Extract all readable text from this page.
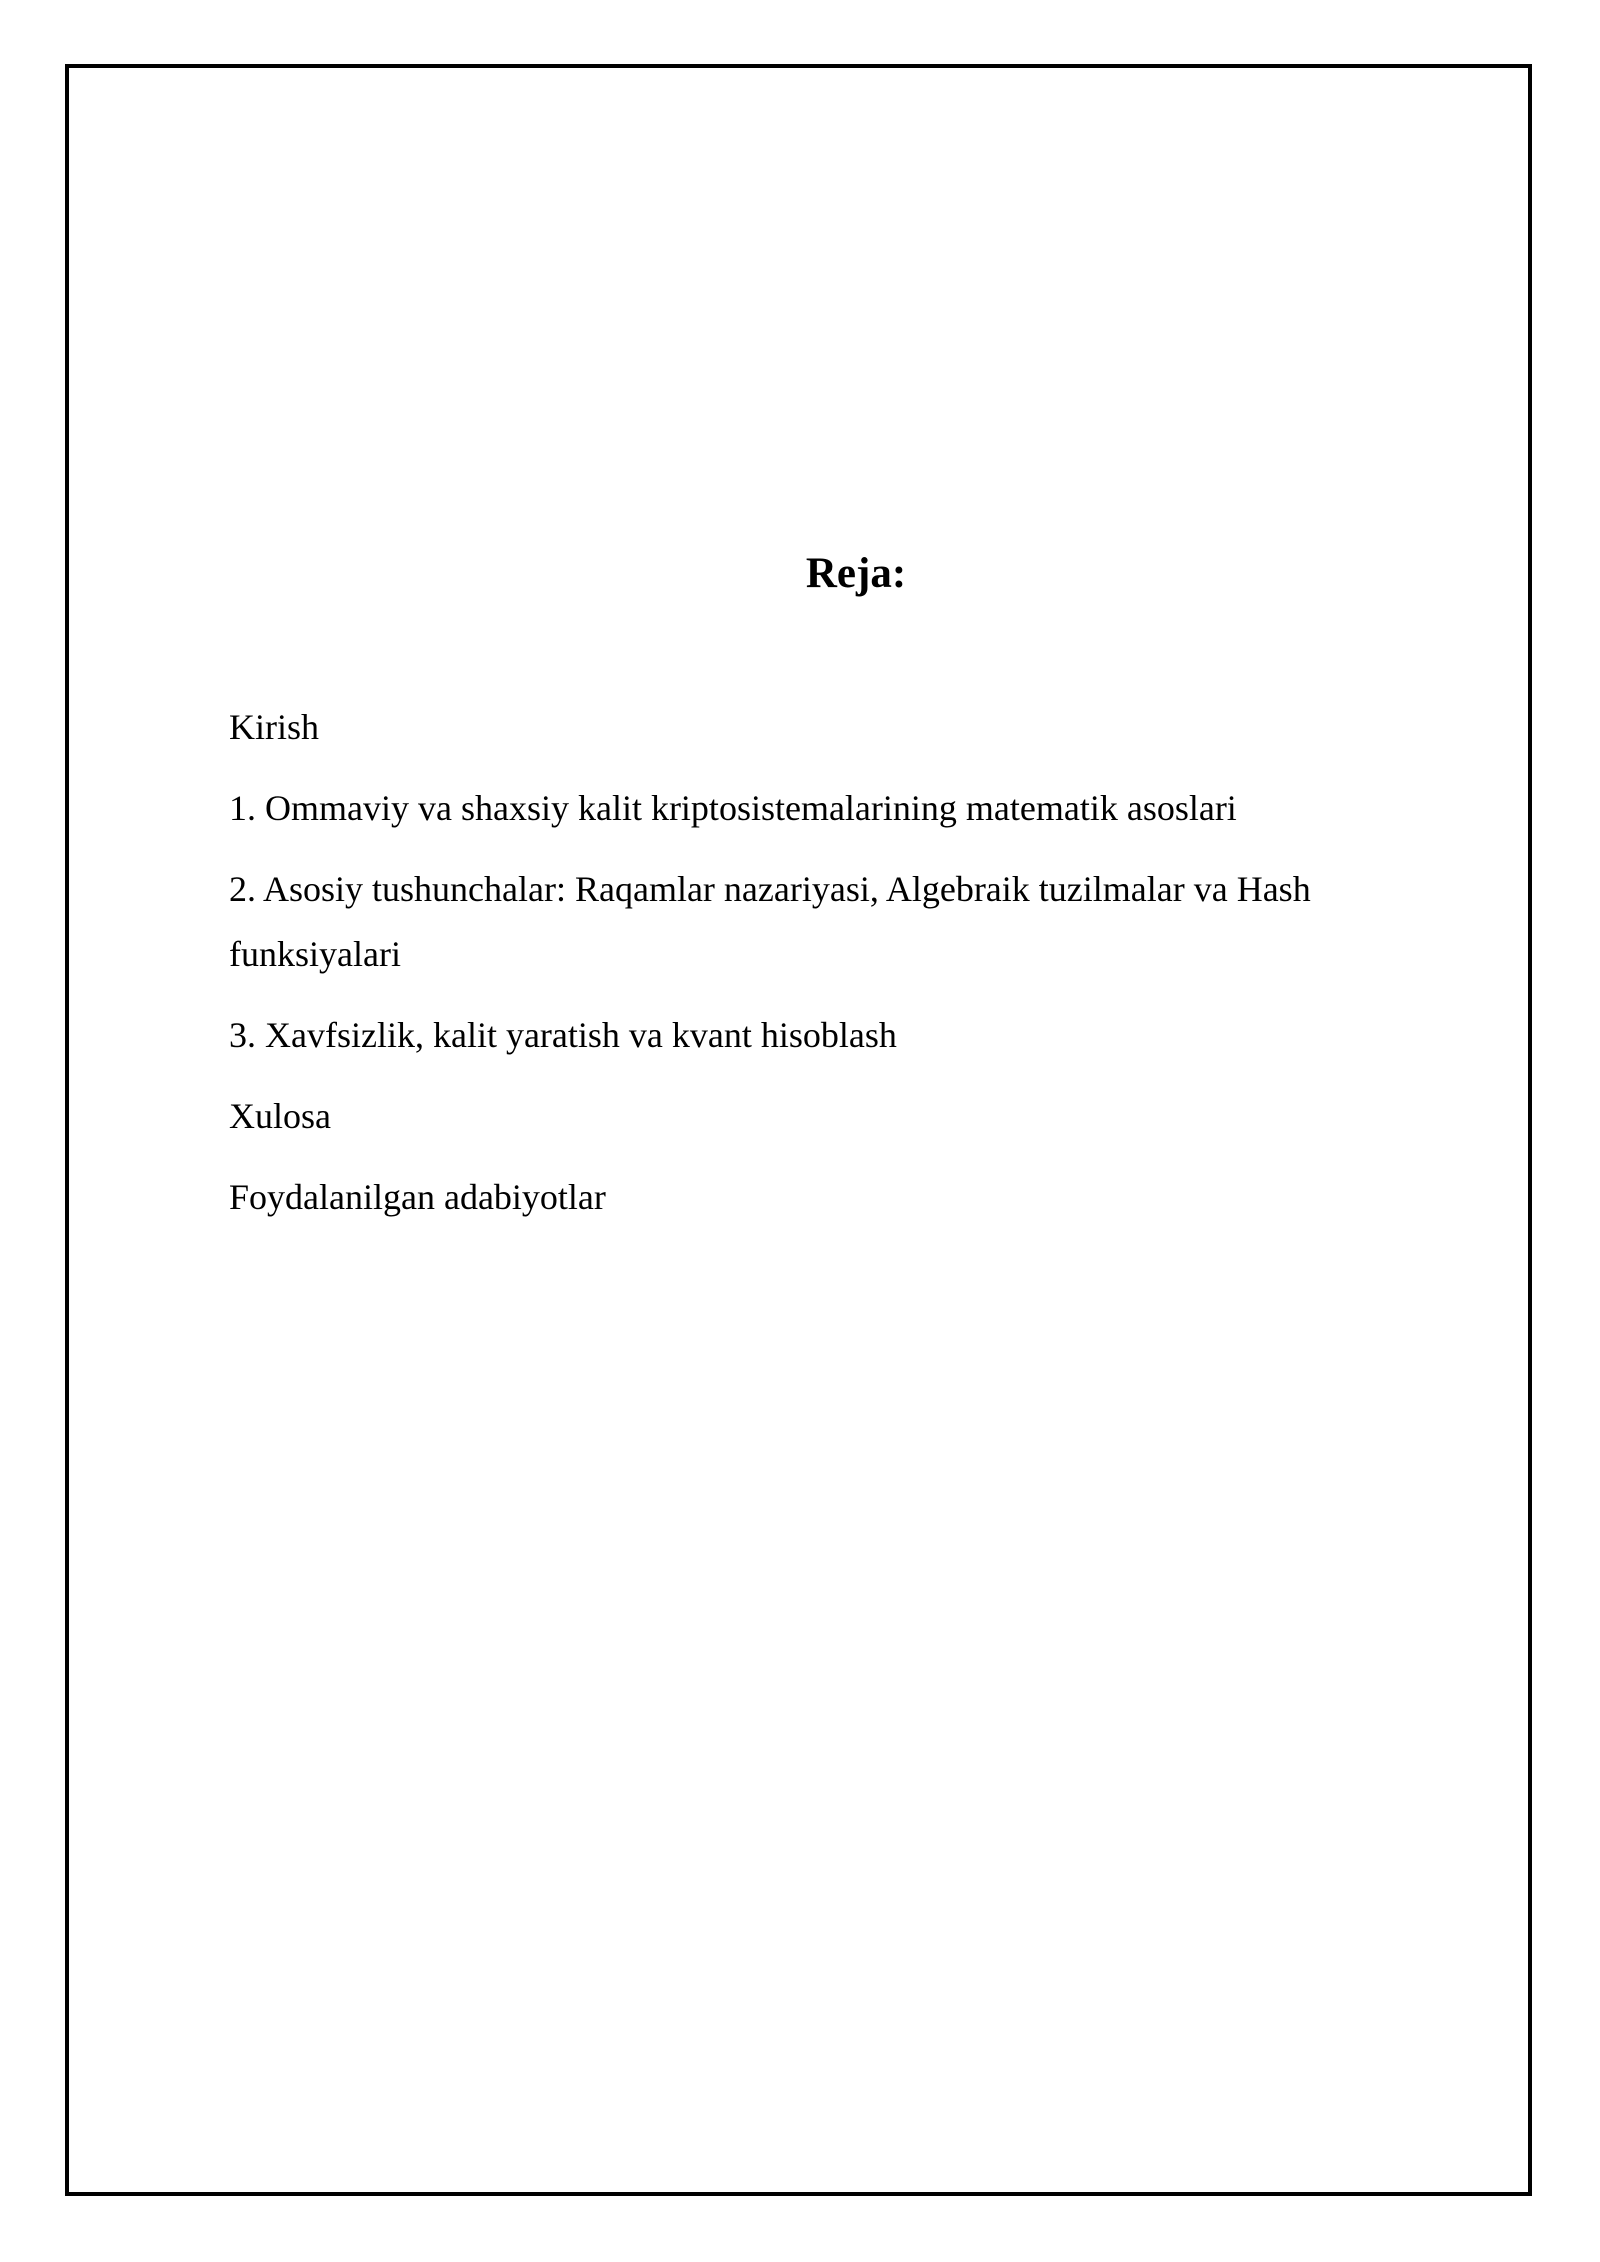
Reja:
Kirish
1. Ommaviy va shaxsiy kalit kriptosistemalarining matematik asoslari
2. Asosiy tushunchalar: Raqamlar nazariyasi, Algebraik tuzilmalar va Hash funksiyalari
3. Xavfsizlik, kalit yaratish va kvant hisoblash
Xulosa
Foydalanilgan adabiyotlar
